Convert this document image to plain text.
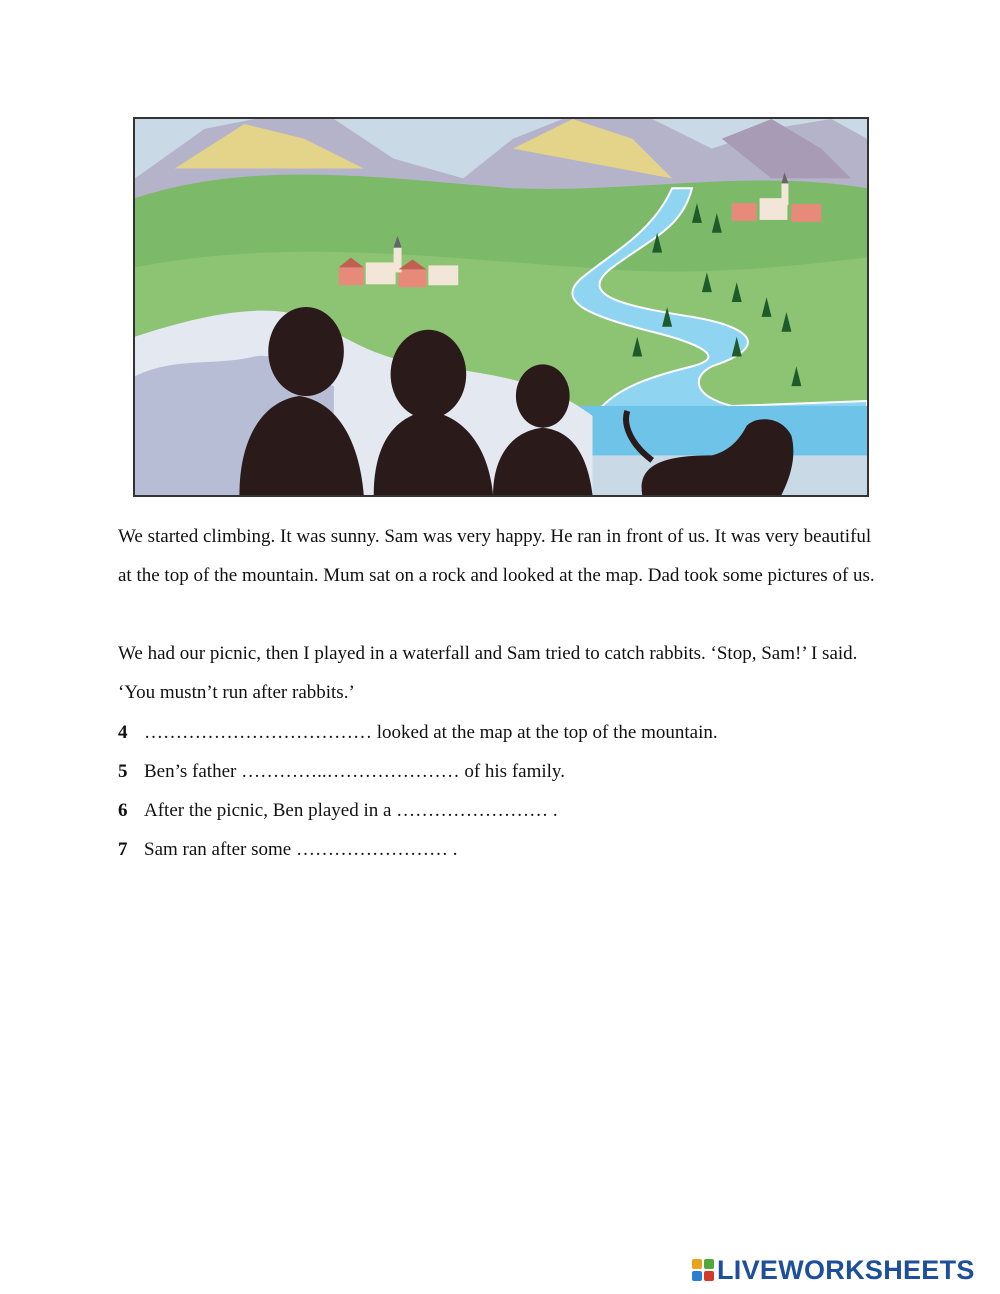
We started climbing. It was sunny. Sam was very happy. He ran in front of us. It was very beautiful at the top of the mountain. Mum sat on a rock and looked at the map. Dad took some pictures of us.

We had our picnic, then I played in a waterfall and Sam tried to catch rabbits. ‘Stop, Sam!’ I said. ‘You mustn’t run after rabbits.’

4 ……………………………… looked at the map at the top of the mountain.
5 Ben’s father …………..………………… of his family.
6 After the picnic, Ben played in a …………………… .
7 Sam ran after some …………………… .
LIVEWORKSHEETS
